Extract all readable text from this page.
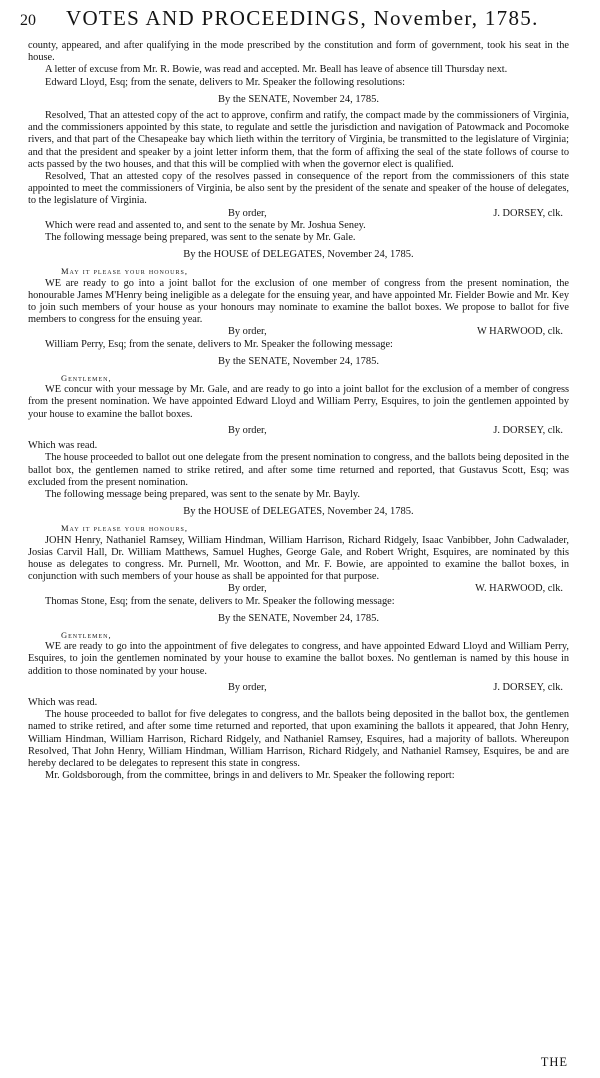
20 VOTES AND PROCEEDINGS, November, 1785.

county, appeared, and after qualifying in the mode prescribed by the constitution and form of government, took his seat in the house.

A letter of excuse from Mr. R. Bowie, was read and accepted. Mr. Beall has leave of absence till Thursday next.

Edward Lloyd, Esq; from the senate, delivers to Mr. Speaker the following resolutions:

By the SENATE, November 24, 1785.

Resolved, That an attested copy of the act to approve, confirm and ratify, the compact made by the commissioners of Virginia, and the commissioners appointed by this state, to regulate and settle the jurisdiction and navigation of Patowmack and Pocomoke rivers, and that part of the Chesapeake bay which lieth within the territory of Virginia, be transmitted to the legislature of Virginia; and that the president and speaker by a joint letter inform them, that the form of affixing the seal of the state follows of course to acts passed by the two houses, and that this will be complied with when the governor elect is qualified.

Resolved, That an attested copy of the resolves passed in consequence of the report from the commissioners of this state appointed to meet the commissioners of Virginia, be also sent by the president of the senate and speaker of the house of delegates, to the legislature of Virginia.

By order,	J. DORSEY, clk.

Which were read and assented to, and sent to the senate by Mr. Joshua Seney.

The following message being prepared, was sent to the senate by Mr. Gale.

By the HOUSE of DELEGATES, November 24, 1785.

May it please your honours,

WE are ready to go into a joint ballot for the exclusion of one member of congress from the present nomination, the honourable James M'Henry being ineligible as a delegate for the ensuing year, and have appointed Mr. Fielder Bowie and Mr. Key to join such members of your house as your honours may nominate to examine the ballot boxes. We propose to ballot for five members to congress for the ensuing year.

By order,	W HARWOOD, clk.

William Perry, Esq; from the senate, delivers to Mr. Speaker the following message:

By the SENATE, November 24, 1785.

Gentlemen,

WE concur with your message by Mr. Gale, and are ready to go into a joint ballot for the exclusion of a member of congress from the present nomination. We have appointed Edward Lloyd and William Perry, Esquires, to join the gentlemen appointed by your house to examine the ballot boxes.

By order,	J. DORSEY, clk.

Which was read.

The house proceeded to ballot out one delegate from the present nomination to congress, and the ballots being deposited in the ballot box, the gentlemen named to strike retired, and after some time returned and reported, that Gustavus Scott, Esq; was excluded from the present nomination.

The following message being prepared, was sent to the senate by Mr. Bayly.

By the HOUSE of DELEGATES, November 24, 1785.

May it please your honours,

JOHN Henry, Nathaniel Ramsey, William Hindman, William Harrison, Richard Ridgely, Isaac Vanbibber, John Cadwalader, Josias Carvil Hall, Dr. William Matthews, Samuel Hughes, George Gale, and Robert Wright, Esquires, are nominated by this house as delegates to congress. Mr. Purnell, Mr. Wootton, and Mr. F. Bowie, are appointed to examine the ballot boxes, in conjunction with such members of your house as shall be appointed for that purpose.

By order,	W. HARWOOD, clk.

Thomas Stone, Esq; from the senate, delivers to Mr. Speaker the following message:

By the SENATE, November 24, 1785.

Gentlemen,

WE are ready to go into the appointment of five delegates to congress, and have appointed Edward Lloyd and William Perry, Esquires, to join the gentlemen nominated by your house to examine the ballot boxes. No gentleman is named by this house in addition to those nominated by your house.

By order,	J. DORSEY, clk.

Which was read.

The house proceeded to ballot for five delegates to congress, and the ballots being deposited in the ballot box, the gentlemen named to strike retired, and after some time returned and reported, that upon examining the ballots it appeared, that John Henry, William Hindman, William Harrison, Richard Ridgely, and Nathaniel Ramsey, Esquires, had a majority of ballots. Whereupon Resolved, That John Henry, William Hindman, William Harrison, Richard Ridgely, and Nathaniel Ramsey, Esquires, be and are hereby declared to be delegates to represent this state in congress.

Mr. Goldsborough, from the committee, brings in and delivers to Mr. Speaker the following report:

THE
